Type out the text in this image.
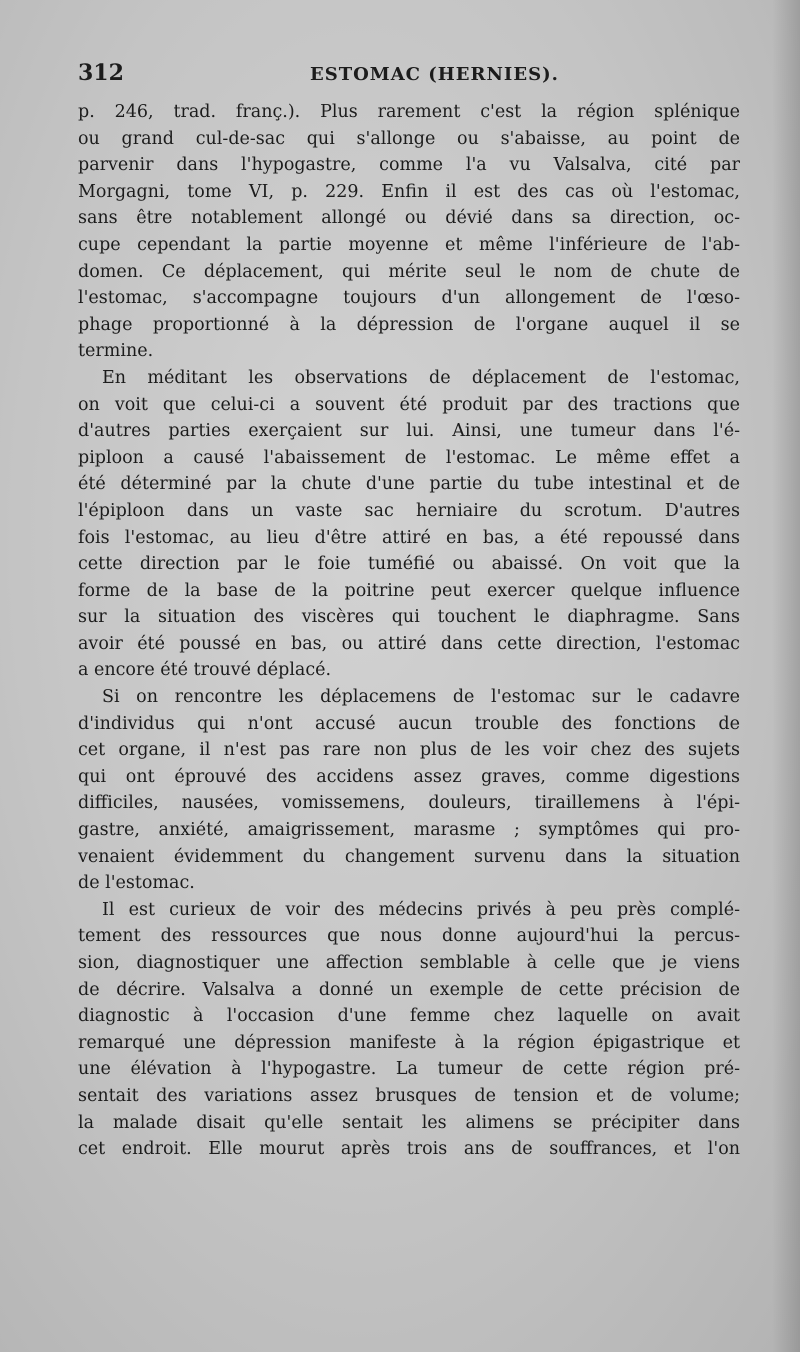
312	ESTOMAC (HERNIES).
p. 246, trad. franç.). Plus rarement c'est la région splénique
ou grand cul-de-sac qui s'allonge ou s'abaisse, au point de
parvenir dans l'hypogastre, comme l'a vu Valsalva, cité par
Morgagni, tome VI, p. 229. Enfin il est des cas où l'estomac,
sans être notablement allongé ou dévié dans sa direction, oc-
cupe cependant la partie moyenne et même l'inférieure de l'ab-
domen. Ce déplacement, qui mérite seul le nom de chute de
l'estomac, s'accompagne toujours d'un allongement de l'œso-
phage proportionné à la dépression de l'organe auquel il se
termine.
En méditant les observations de déplacement de l'estomac,
on voit que celui-ci a souvent été produit par des tractions que
d'autres parties exerçaient sur lui. Ainsi, une tumeur dans l'é-
piploon a causé l'abaissement de l'estomac. Le même effet a
été déterminé par la chute d'une partie du tube intestinal et de
l'épiploon dans un vaste sac herniaire du scrotum. D'autres
fois l'estomac, au lieu d'être attiré en bas, a été repoussé dans
cette direction par le foie tuméfié ou abaissé. On voit que la
forme de la base de la poitrine peut exercer quelque influence
sur la situation des viscères qui touchent le diaphragme. Sans
avoir été poussé en bas, ou attiré dans cette direction, l'estomac
a encore été trouvé déplacé.
Si on rencontre les déplacemens de l'estomac sur le cadavre
d'individus qui n'ont accusé aucun trouble des fonctions de
cet organe, il n'est pas rare non plus de les voir chez des sujets
qui ont éprouvé des accidens assez graves, comme digestions
difficiles, nausées, vomissemens, douleurs, tiraillemens à l'épi-
gastre, anxiété, amaigrissement, marasme ; symptômes qui pro-
venaient évidemment du changement survenu dans la situation
de l'estomac.
Il est curieux de voir des médecins privés à peu près complé-
tement des ressources que nous donne aujourd'hui la percus-
sion, diagnostiquer une affection semblable à celle que je viens
de décrire. Valsalva a donné un exemple de cette précision de
diagnostic à l'occasion d'une femme chez laquelle on avait
remarqué une dépression manifeste à la région épigastrique et
une élévation à l'hypogastre. La tumeur de cette région pré-
sentait des variations assez brusques de tension et de volume;
la malade disait qu'elle sentait les alimens se précipiter dans
cet endroit. Elle mourut après trois ans de souffrances, et l'on
